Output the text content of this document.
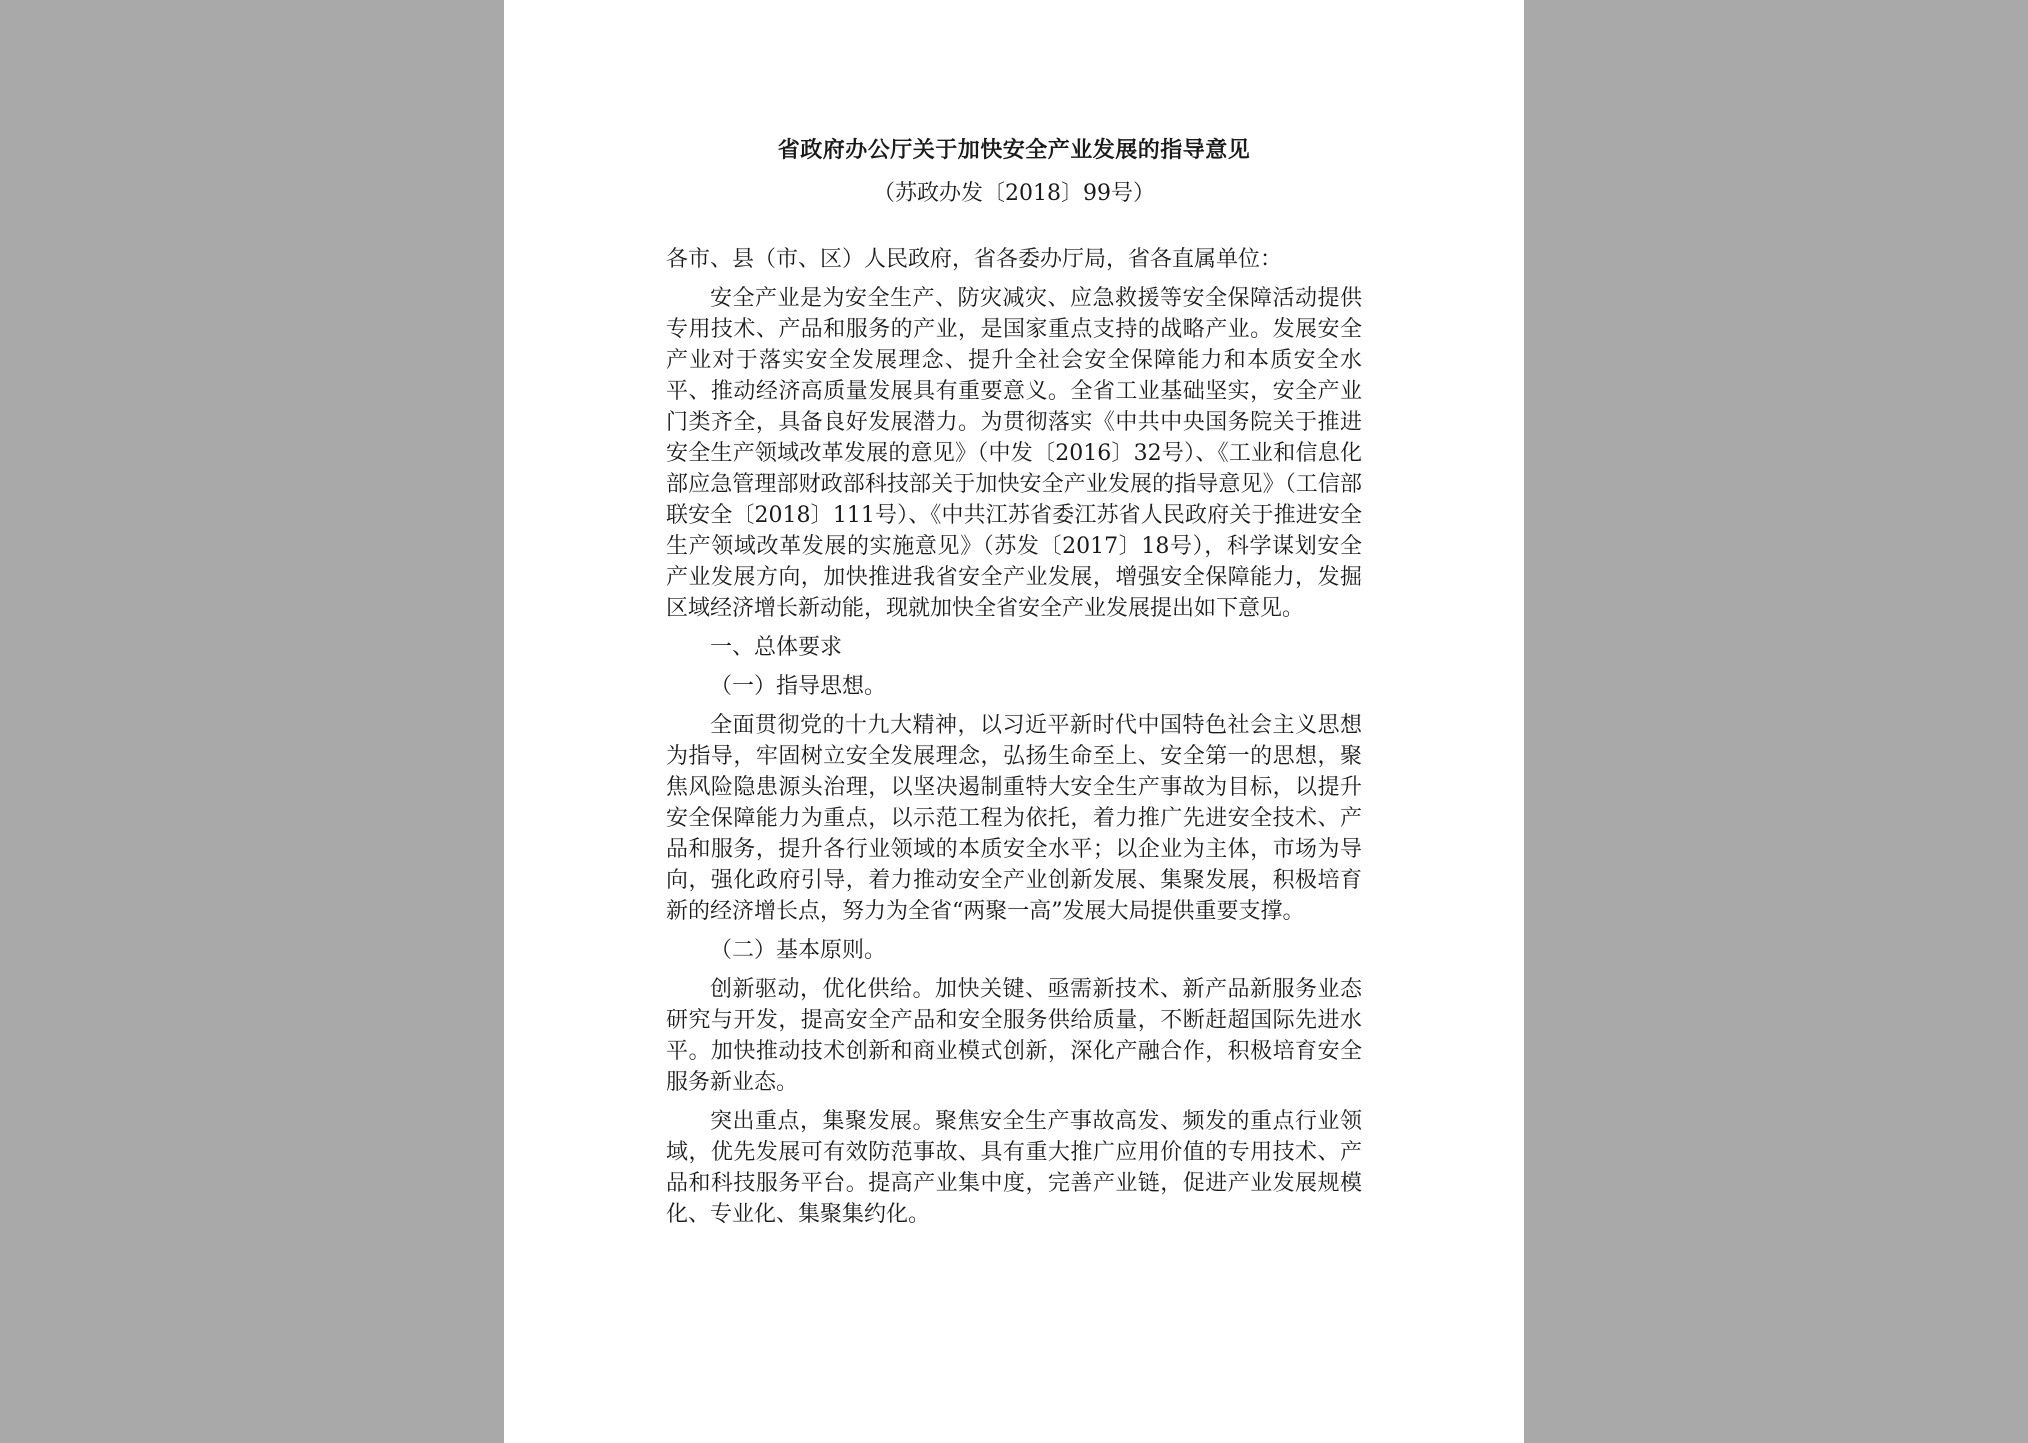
省政府办公厅关于加快安全产业发展的指导意见

（苏政办发〔2018〕99号）

各市、县（市、区）人民政府，省各委办厅局，省各直属单位：

安全产业是为安全生产、防灾减灾、应急救援等安全保障活动提供专用技术、产品和服务的产业，是国家重点支持的战略产业。发展安全产业对于落实安全发展理念、提升全社会安全保障能力和本质安全水平、推动经济高质量发展具有重要意义。全省工业基础坚实，安全产业门类齐全，具备良好发展潜力。为贯彻落实《中共中央国务院关于推进安全生产领域改革发展的意见》（中发〔2016〕32号）、《工业和信息化部应急管理部财政部科技部关于加快安全产业发展的指导意见》（工信部联安全〔2018〕111号）、《中共江苏省委江苏省人民政府关于推进安全生产领域改革发展的实施意见》（苏发〔2017〕18号），科学谋划安全产业发展方向，加快推进我省安全产业发展，增强安全保障能力，发掘区域经济增长新动能，现就加快全省安全产业发展提出如下意见。

一、总体要求

（一）指导思想。

全面贯彻党的十九大精神，以习近平新时代中国特色社会主义思想为指导，牢固树立安全发展理念，弘扬生命至上、安全第一的思想，聚焦风险隐患源头治理，以坚决遏制重特大安全生产事故为目标，以提升安全保障能力为重点，以示范工程为依托，着力推广先进安全技术、产品和服务，提升各行业领域的本质安全水平；以企业为主体，市场为导向，强化政府引导，着力推动安全产业创新发展、集聚发展，积极培育新的经济增长点，努力为全省“两聚一高”发展大局提供重要支撑。

（二）基本原则。

创新驱动，优化供给。加快关键、亟需新技术、新产品新服务业态研究与开发，提高安全产品和安全服务供给质量，不断赶超国际先进水平。加快推动技术创新和商业模式创新，深化产融合作，积极培育安全服务新业态。

突出重点，集聚发展。聚焦安全生产事故高发、频发的重点行业领域，优先发展可有效防范事故、具有重大推广应用价值的专用技术、产品和科技服务平台。提高产业集中度，完善产业链，促进产业发展规模化、专业化、集聚集约化。
